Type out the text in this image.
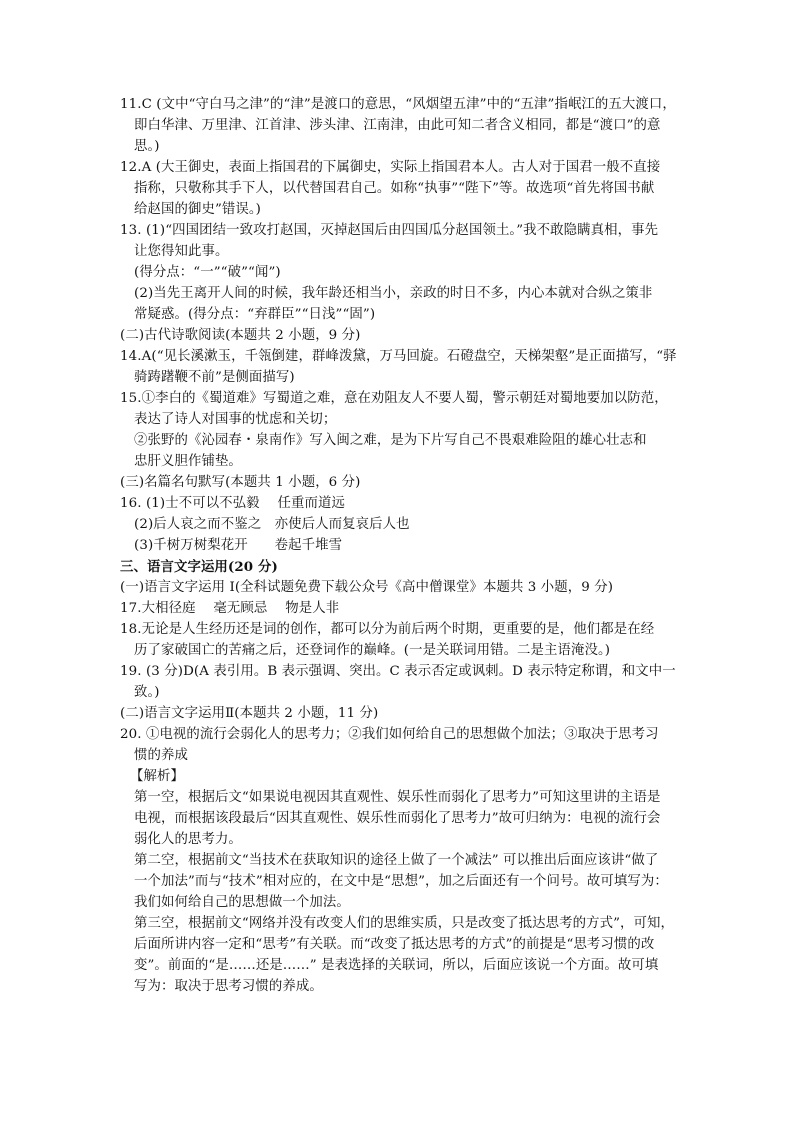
11.C (文中“守白马之津”的“津”是渡口的意思，“风烟望五津”中的“五津”指岷江的五大渡口，
即白华津、万里津、江首津、涉头津、江南津，由此可知二者含义相同，都是“渡口”的意
思。)
12.A (大王御史，表面上指国君的下属御史，实际上指国君本人。古人对于国君一般不直接
指称，只敬称其手下人，以代替国君自己。如称“执事”“陛下”等。故选项“首先将国书献
给赵国的御史”错误。)
13. (1)“四国团结一致攻打赵国，灭掉赵国后由四国瓜分赵国领土。”我不敢隐瞒真相，事先
让您得知此事。
(得分点：“一”“破”“闻”)
(2)当先王离开人间的时候，我年龄还相当小，亲政的时日不多，内心本就对合纵之策非
常疑惑。(得分点：“弃群臣”“日浅”“固”)
(二)古代诗歌阅读(本题共 2 小题，9 分)
14.A(“见长溪漱玉，千瓴倒建，群峰泼黛，万马回旋。石磴盘空，天梯架壑”是正面描写，“驿
骑踌躇鞭不前”是侧面描写)
15.①李白的《蜀道难》写蜀道之难，意在劝阻友人不要人蜀，警示朝廷对蜀地要加以防范，
表达了诗人对国事的忧虑和关切；
②张野的《沁园春・泉南作》写入闽之难，是为下片写自己不畏艰难险阻的雄心壮志和
忠肝义胆作铺垫。
(三)名篇名句默写(本题共 1 小题，6 分)
16. (1)士不可以不弘毅　 任重而道远
(2)后人哀之而不鉴之　亦使后人而复哀后人也
(3)千树万树梨花开　　卷起千堆雪
三、语言文字运用(20 分)
(一)语言文字运用 Ⅰ(全科试题免费下载公众号《高中僧课堂》本题共 3 小题，9 分)
17.大相径庭　 毫无顾忌　 物是人非
18.无论是人生经历还是词的创作，都可以分为前后两个时期，更重要的是，他们都是在经
历了家破国亡的苦痛之后，还登词作的巅峰。(一是关联词用错。二是主语淹没。)
19. (3 分)D(A 表引用。B 表示强调、突出。C 表示否定或讽刺。D 表示特定称谓，和文中一
致。)
(二)语言文字运用Ⅱ(本题共 2 小题，11 分)
20. ①电视的流行会弱化人的思考力；②我们如何给自己的思想做个加法；③取决于思考习
惯的养成
【解析】
第一空，根据后文“如果说电视因其直观性、娱乐性而弱化了思考力”可知这里讲的主语是
电视，而根据该段最后“因其直观性、娱乐性而弱化了思考力”故可归纳为：电视的流行会
弱化人的思考力。
第二空，根据前文“当技术在获取知识的途径上做了一个减法” 可以推出后面应该讲“做了
一个加法”而与“技术”相对应的，在文中是“思想”，加之后面还有一个问号。故可填写为：
我们如何给自己的思想做一个加法。
第三空，根据前文“网络并没有改变人们的思维实质，只是改变了抵达思考的方式”，可知，
后面所讲内容一定和“思考”有关联。而“改变了抵达思考的方式”的前提是“思考习惯的改
变”。前面的“是……还是……” 是表选择的关联词，所以，后面应该说一个方面。故可填
写为：取决于思考习惯的养成。
